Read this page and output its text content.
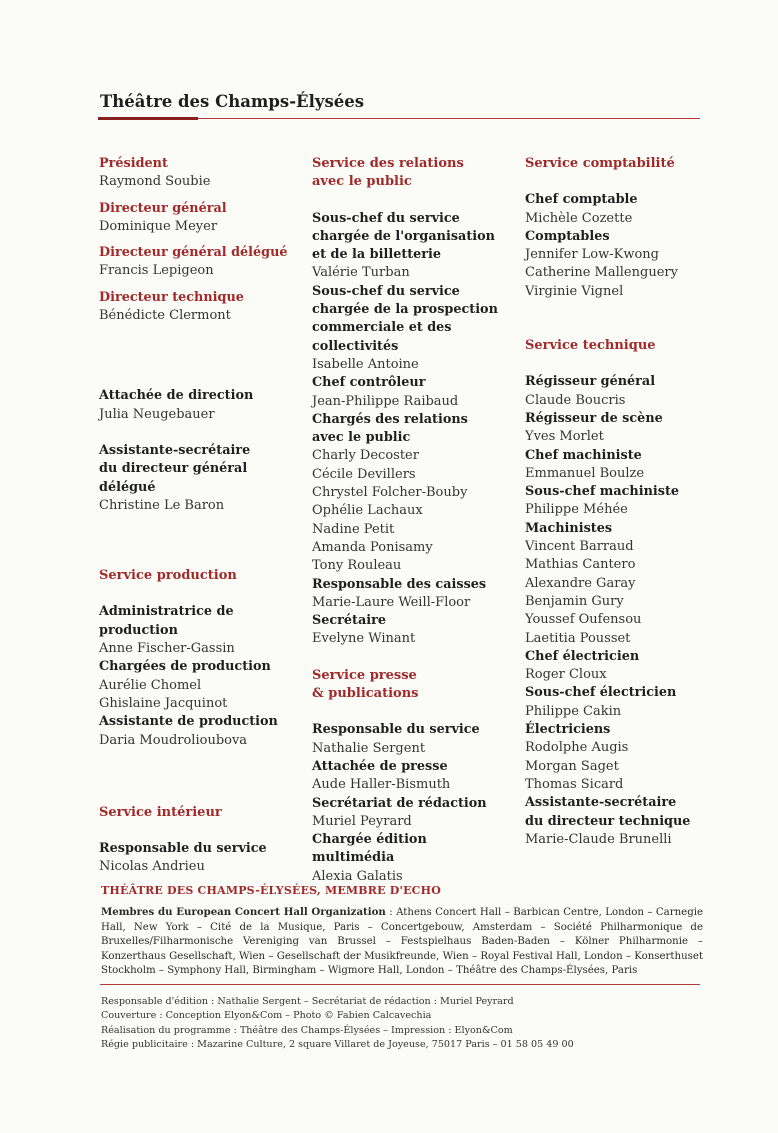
Théâtre des Champs-Élysées
Président
Raymond Soubie
Directeur général
Dominique Meyer
Directeur général délégué
Francis Lepigeon
Directeur technique
Bénédicte Clermont
Attachée de direction
Julia Neugebauer
Assistante-secrétaire
du directeur général délégué
Christine Le Baron
Service production
Administratrice de production
Anne Fischer-Gassin
Chargées de production
Aurélie Chomel
Ghislaine Jacquinot
Assistante de production
Daria Moudrolioubova
Service intérieur
Responsable du service
Nicolas Andrieu
Service des relations
avec le public
Sous-chef du service
chargée de l'organisation
et de la billetterie
Valérie Turban
Sous-chef du service
chargée de la prospection
commerciale et des collectivités
Isabelle Antoine
Chef contrôleur
Jean-Philippe Raibaud
Chargés des relations
avec le public
Charly Decoster
Cécile Devillers
Chrystel Folcher-Bouby
Ophélie Lachaux
Nadine Petit
Amanda Ponisamy
Tony Rouleau
Responsable des caisses
Marie-Laure Weill-Floor
Secrétaire
Evelyne Winant
Service presse
& publications
Responsable du service
Nathalie Sergent
Attachée de presse
Aude Haller-Bismuth
Secrétariat de rédaction
Muriel Peyrard
Chargée édition multimédia
Alexia Galatis
Service comptabilité
Chef comptable
Michèle Cozette
Comptables
Jennifer Low-Kwong
Catherine Mallenguery
Virginie Vignel
Service technique
Régisseur général
Claude Boucris
Régisseur de scène
Yves Morlet
Chef machiniste
Emmanuel Boulze
Sous-chef machiniste
Philippe Méhée
Machinistes
Vincent Barraud
Mathias Cantero
Alexandre Garay
Benjamin Gury
Youssef Oufensou
Laetitia Pousset
Chef électricien
Roger Cloux
Sous-chef électricien
Philippe Cakin
Électriciens
Rodolphe Augis
Morgan Saget
Thomas Sicard
Assistante-secrétaire
du directeur technique
Marie-Claude Brunelli
THÉÂTRE DES CHAMPS-ÉLYSÉES, MEMBRE D'ECHO
Membres du European Concert Hall Organization : Athens Concert Hall – Barbican Centre, London – Carnegie Hall, New York – Cité de la Musique, Paris – Concertgebouw, Amsterdam – Société Philharmonique de Bruxelles/Filharmonische Vereniging van Brussel – Festspielhaus Baden-Baden – Kölner Philharmonie – Konzerthaus Gesellschaft, Wien – Gesellschaft der Musikfreunde, Wien – Royal Festival Hall, London – Konserthuset Stockholm – Symphony Hall, Birmingham – Wigmore Hall, London – Théâtre des Champs-Élysées, Paris
Responsable d'édition : Nathalie Sergent – Secrétariat de rédaction : Muriel Peyrard
Couverture : Conception Elyon&Com – Photo © Fabien Calcavechia
Réalisation du programme : Théâtre des Champs-Élysées – Impression : Elyon&Com
Régie publicitaire : Mazarine Culture, 2 square Villaret de Joyeuse, 75017 Paris – 01 58 05 49 00
